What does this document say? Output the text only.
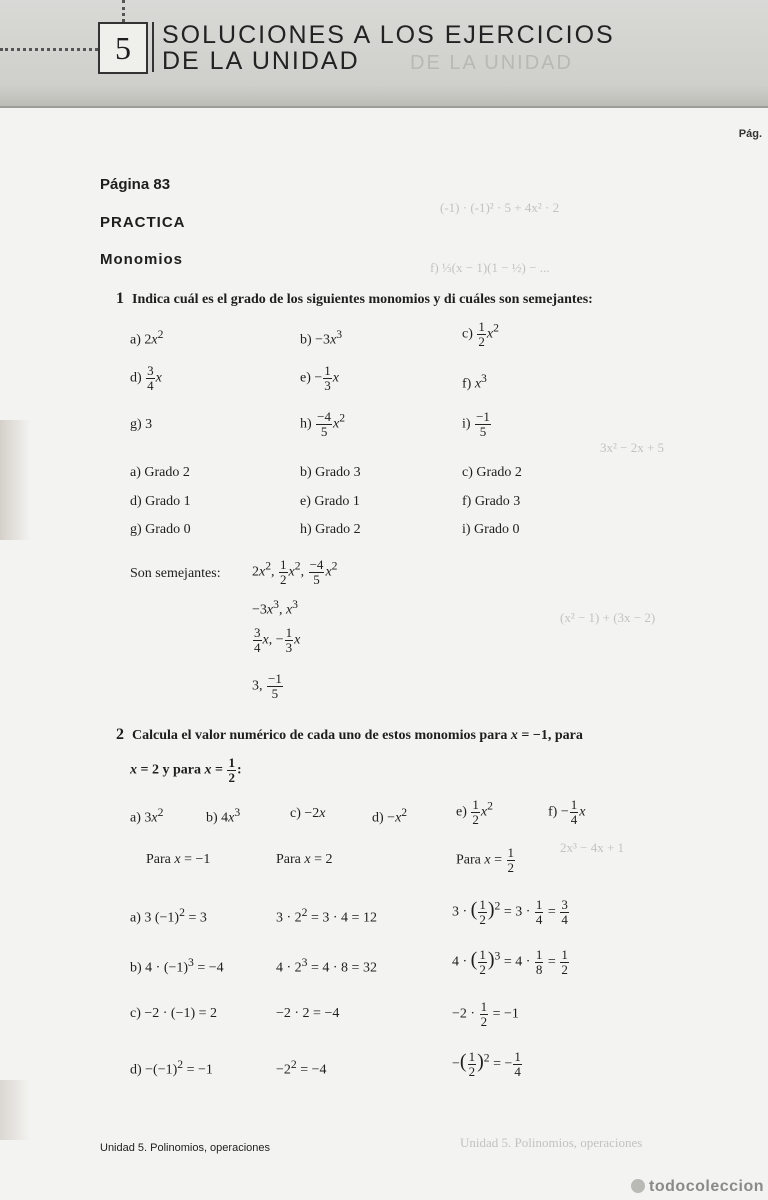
5	SOLUCIONES A LOS EJERCICIOS
DE LA UNIDAD	DE LA UNIDAD
Pág.
(-1) · (-1)² · 5 + 4x² · 2
f) ⅓(x − 1)(1 − ½) − ...
3x² − 2x + 5
(x² − 1) + (3x − 2)
2x³ − 4x + 1
Unidad 5. Polinomios, operaciones
Página 83
PRACTICA
Monomios
1 Indica cuál es el grado de los siguientes monomios y di cuáles son semejantes:
a) $2x^2$	$b) -3x^3$	$c) \frac{1}{2} x^2$
$d) \frac{3}{4}$ x	$e) - \frac{1}{3}$ x	f) $x^3$
g) 3	$h) \frac{-4}{5} x^2$	$i) \frac{-1}{5}$
a) Grado 2	b) Grado 3	c) Grado 2
d) Grado 1	e) Grado 1	f) Grado 3
g) Grado 0	h) Grado 2	i) Grado 0
Son semejantes: $2x^2$, $\frac{1}{2} x^2$, $\frac{-4}{5} x^2$
$-3x^3$, $x^3$
$\frac{3}{4} x$, − $\frac{1}{3}$ x
3, $\frac{-1}{5}$
2 Calcula el valor numérico de cada uno de estos monomios para x = −1, para
x = 2 y para $x = \frac{1}{2}$ :
a) $3x^2$	b) $4x^3$	c) −2x	$d) -x^2$	$e) \frac{1}{2} x^2$	$f) - \frac{1}{4}$ x
Para x = −1	Para x = 2	Para $x = \frac{1}{2}$
a) 3 $(-1)^2 = 3$	$3 \cdot 2^2 = 3 \cdot 4 = 12$	3 · ( $\frac{1}{2} )^2 = 3 \cdot \frac{1}{4} = \frac{3}{4}$
b) $4 \cdot (-1)^3 = -4$	$4 \cdot 2^3 = 4 \cdot 8 = 32$	4 · ( $\frac{1}{2} )^3 = 4 \cdot \frac{1}{8} = \frac{1}{2}$
c) −2 · (−1) = 2	−2 · 2 = −4	$-2 \cdot \frac{1}{2} = -1$
$d) -(-1)^2 = -1$	$-2^2 = -4$	−( $\frac{1}{2} )^2$ = − $\frac{1}{4}$
Unidad 5. Polinomios, operaciones
todocoleccion
